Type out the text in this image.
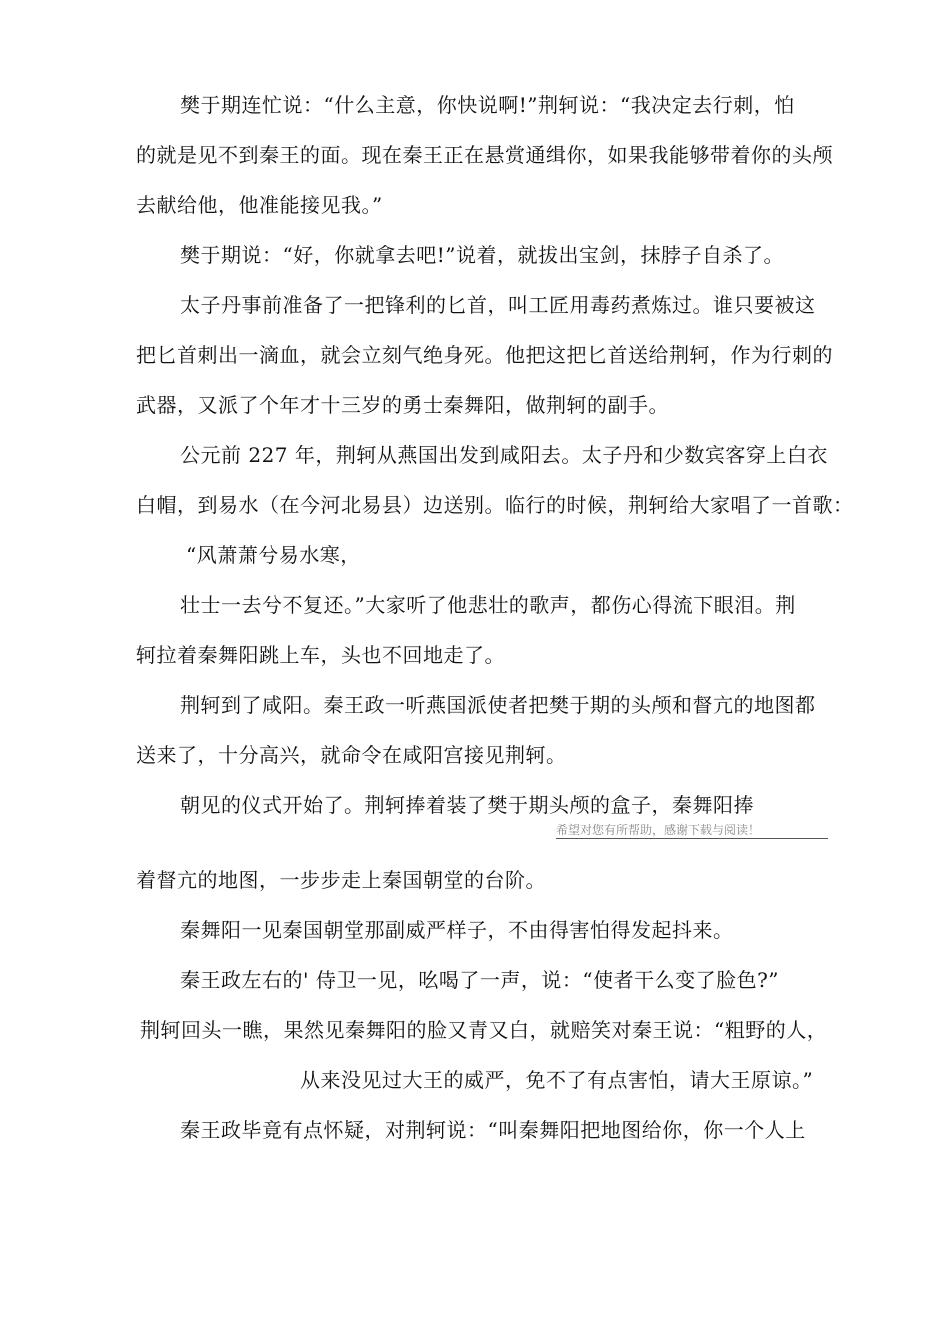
樊于期连忙说：“什么主意，你快说啊!”荆轲说：“我决定去行刺，怕
的就是见不到秦王的面。现在秦王正在悬赏通缉你，如果我能够带着你的头颅
去献给他，他准能接见我。”
樊于期说：“好，你就拿去吧!”说着，就拔出宝剑，抹脖子自杀了。
太子丹事前准备了一把锋利的匕首，叫工匠用毒药煮炼过。谁只要被这
把匕首刺出一滴血，就会立刻气绝身死。他把这把匕首送给荆轲，作为行刺的
武器，又派了个年才十三岁的勇士秦舞阳，做荆轲的副手。
公元前 227 年，荆轲从燕国出发到咸阳去。太子丹和少数宾客穿上白衣
白帽，到易水（在今河北易县）边送别。临行的时候，荆轲给大家唱了一首歌：
“风萧萧兮易水寒，
壮士一去兮不复还。”大家听了他悲壮的歌声，都伤心得流下眼泪。荆
轲拉着秦舞阳跳上车，头也不回地走了。
荆轲到了咸阳。秦王政一听燕国派使者把樊于期的头颅和督亢的地图都
送来了，十分高兴，就命令在咸阳宫接见荆轲。
朝见的仪式开始了。荆轲捧着装了樊于期头颅的盒子，秦舞阳捧
希望对您有所帮助，感谢下载与阅读！
着督亢的地图，一步步走上秦国朝堂的台阶。
秦舞阳一见秦国朝堂那副威严样子，不由得害怕得发起抖来。
秦王政左右的' 侍卫一见，吆喝了一声，说：“使者干么变了脸色?”
荆轲回头一瞧，果然见秦舞阳的脸又青又白，就赔笑对秦王说：“粗野的人，
从来没见过大王的威严，免不了有点害怕，请大王原谅。”
秦王政毕竟有点怀疑，对荆轲说：“叫秦舞阳把地图给你，你一个人上
